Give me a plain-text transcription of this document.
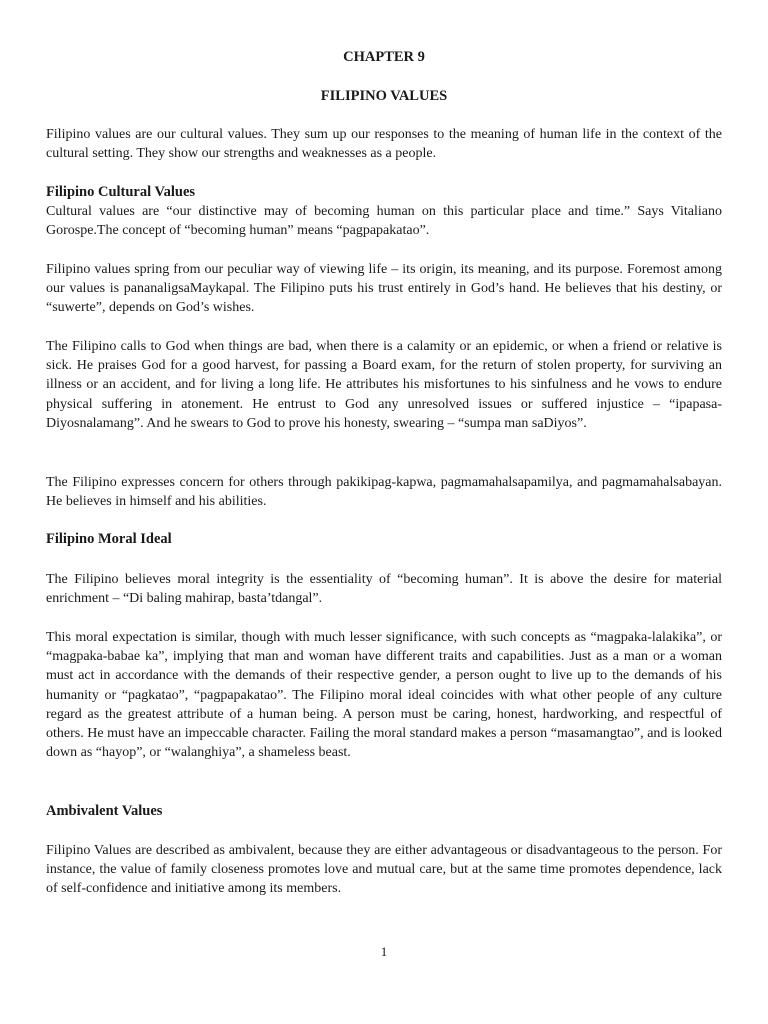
CHAPTER 9
FILIPINO VALUES
Filipino values are our cultural values. They sum up our responses to the meaning of human life in the context of the cultural setting. They show our strengths and weaknesses as a people.
Filipino Cultural Values
Cultural values are “our distinctive may of becoming human on this particular place and time.” Says Vitaliano Gorospe.The concept of “becoming human” means “pagpapakatao”.
Filipino values spring from our peculiar way of viewing life – its origin, its meaning, and its purpose. Foremost among our values is pananaligsaMaykapal. The Filipino puts his trust entirely in God’s hand. He believes that his destiny, or “suwerte”, depends on God’s wishes.
The Filipino calls to God when things are bad, when there is a calamity or an epidemic, or when a friend or relative is sick. He praises God for a good harvest, for passing a Board exam, for the return of stolen property, for surviving an illness or an accident, and for living a long life. He attributes his misfortunes to his sinfulness and he vows to endure physical suffering in atonement. He entrust to God any unresolved issues or suffered injustice – “ipapasa-Diyosnalamang”. And he swears to God to prove his honesty, swearing – “sumpa man saDiyos”.
The Filipino expresses concern for others through pakikipag-kapwa, pagmamahalsapamilya, and pagmamahalsabayan. He believes in himself and his abilities.
Filipino Moral Ideal
The Filipino believes moral integrity is the essentiality of “becoming human”. It is above the desire for material enrichment – “Di baling mahirap, basta’tdangal”.
This moral expectation is similar, though with much lesser significance, with such concepts as “magpaka-lalakika”, or “magpaka-babae ka”, implying that man and woman have different traits and capabilities. Just as a man or a woman must act in accordance with the demands of their respective gender, a person ought to live up to the demands of his humanity or “pagkatao”, “pagpapakatao”. The Filipino moral ideal coincides with what other people of any culture regard as the greatest attribute of a human being. A person must be caring, honest, hardworking, and respectful of others. He must have an impeccable character. Failing the moral standard makes a person “masamangtao”, and is looked down as “hayop”, or “walanghiya”, a shameless beast.
Ambivalent Values
Filipino Values are described as ambivalent, because they are either advantageous or disadvantageous to the person. For instance, the value of family closeness promotes love and mutual care, but at the same time promotes dependence, lack of self-confidence and initiative among its members.
1
